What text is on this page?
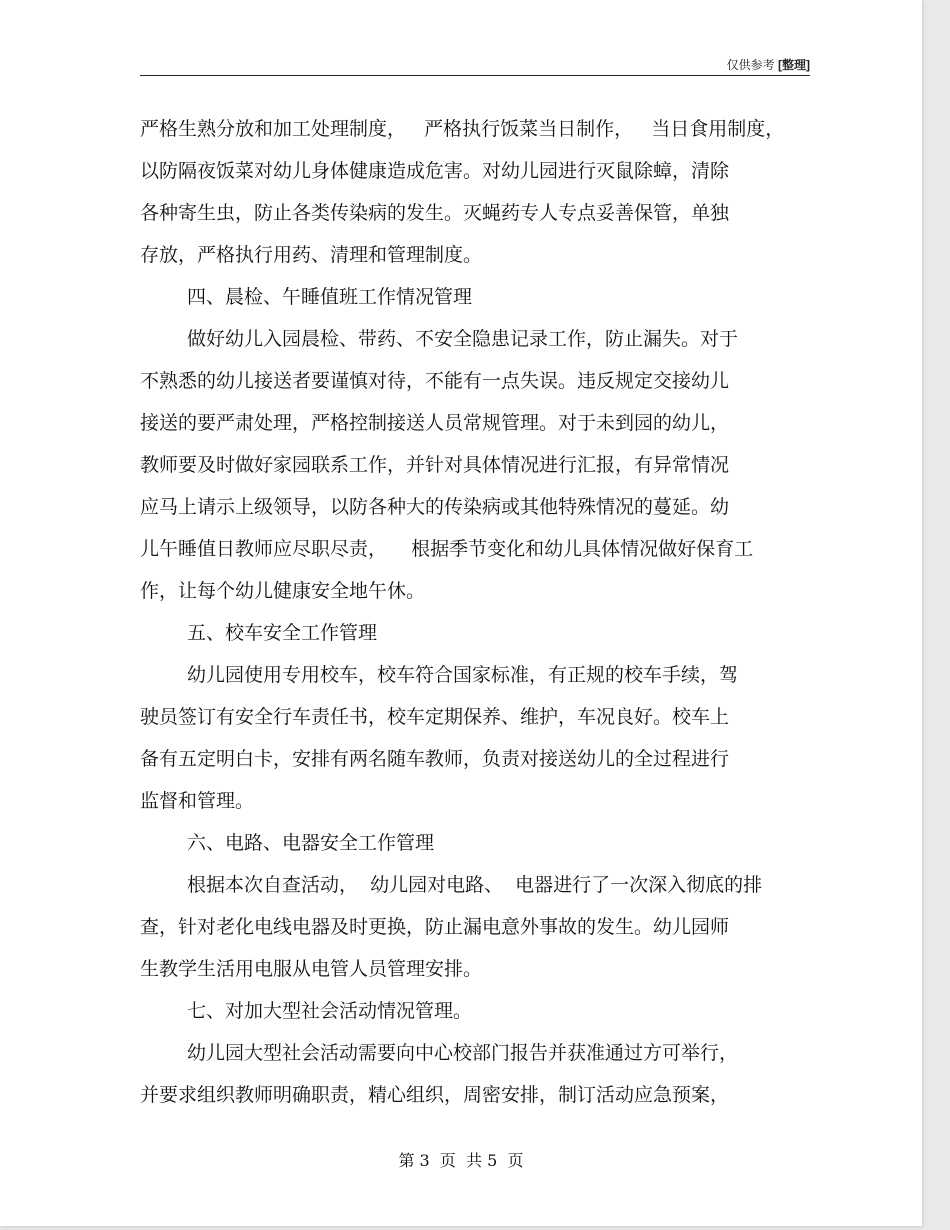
仅供参考 [整理]
严格生熟分放和加工处理制度，   严格执行饭菜当日制作，   当日食用制度，
以防隔夜饭菜对幼儿身体健康造成危害。对幼儿园进行灭鼠除蟑，清除
各种寄生虫，防止各类传染病的发生。灭蝇药专人专点妥善保管，单独
存放，严格执行用药、清理和管理制度。
四、晨检、午睡值班工作情况管理
做好幼儿入园晨检、带药、不安全隐患记录工作，防止漏失。对于
不熟悉的幼儿接送者要谨慎对待，不能有一点失误。违反规定交接幼儿
接送的要严肃处理，严格控制接送人员常规管理。对于未到园的幼儿，
教师要及时做好家园联系工作，并针对具体情况进行汇报，有异常情况
应马上请示上级领导，以防各种大的传染病或其他特殊情况的蔓延。幼
儿午睡值日教师应尽职尽责，    根据季节变化和幼儿具体情况做好保育工
作，让每个幼儿健康安全地午休。
五、校车安全工作管理
幼儿园使用专用校车，校车符合国家标准，有正规的校车手续，驾
驶员签订有安全行车责任书，校车定期保养、维护，车况良好。校车上
备有五定明白卡，安排有两名随车教师，负责对接送幼儿的全过程进行
监督和管理。
六、电路、电器安全工作管理
根据本次自查活动，  幼儿园对电路、  电器进行了一次深入彻底的排
查，针对老化电线电器及时更换，防止漏电意外事故的发生。幼儿园师
生教学生活用电服从电管人员管理安排。
七、对加大型社会活动情况管理。
幼儿园大型社会活动需要向中心校部门报告并获准通过方可举行，
并要求组织教师明确职责，精心组织，周密安排，制订活动应急预案，
第 3  页  共 5  页
